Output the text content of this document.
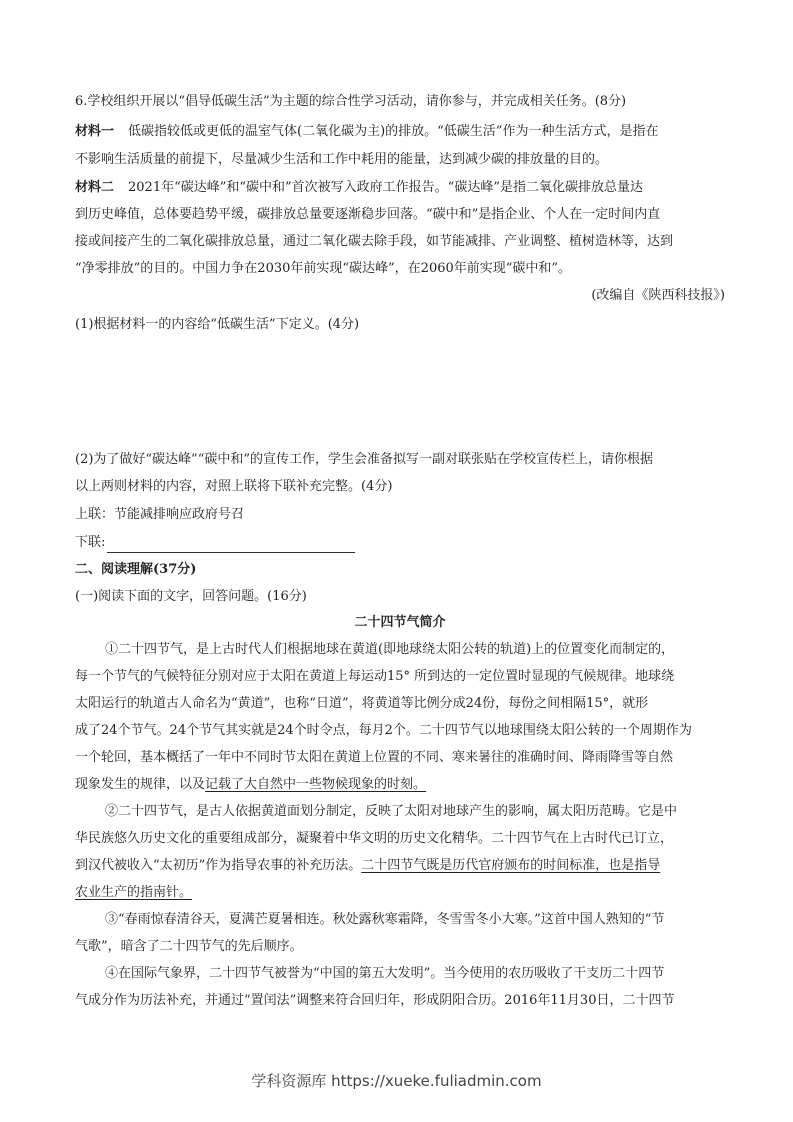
6.学校组织开展以“倡导低碳生活”为主题的综合性学习活动，请你参与，并完成相关任务。(8分)
材料一 低碳指较低或更低的温室气体(二氧化碳为主)的排放。“低碳生活”作为一种生活方式，是指在
不影响生活质量的前提下，尽量减少生活和工作中耗用的能量，达到减少碳的排放量的目的。
材料二 2021年“碳达峰”和“碳中和”首次被写入政府工作报告。“碳达峰”是指二氧化碳排放总量达
到历史峰值，总体要趋势平缓，碳排放总量要逐渐稳步回落。“碳中和”是指企业、个人在一定时间内直
接或间接产生的二氧化碳排放总量，通过二氧化碳去除手段，如节能减排、产业调整、植树造林等，达到
“净零排放”的目的。中国力争在2030年前实现“碳达峰”，在2060年前实现“碳中和”。
(改编自《陕西科技报》)
(1)根据材料一的内容给“低碳生活”下定义。(4分)
(2)为了做好“碳达峰”“碳中和”的宣传工作，学生会准备拟写一副对联张贴在学校宣传栏上，请你根据
以上两则材料的内容，对照上联将下联补充完整。(4分)
上联：节能减排响应政府号召
下联:
二、阅读理解(37分)
(一)阅读下面的文字，回答问题。(16分)
二十四节气简介
①二十四节气，是上古时代人们根据地球在黄道(即地球绕太阳公转的轨道)上的位置变化而制定的，
每一个节气的气候特征分别对应于太阳在黄道上每运动15° 所到达的一定位置时显现的气候规律。地球绕
太阳运行的轨道古人命名为“黄道”，也称“日道”，将黄道等比例分成24份，每份之间相隔15°，就形
成了24个节气。24个节气其实就是24个时令点，每月2个。二十四节气以地球围绕太阳公转的一个周期作为
一个轮回，基本概括了一年中不同时节太阳在黄道上位置的不同、寒来暑往的准确时间、降雨降雪等自然
现象发生的规律，以及记载了大自然中一些物候现象的时刻。
②二十四节气，是古人依据黄道面划分制定，反映了太阳对地球产生的影响，属太阳历范畴。它是中
华民族悠久历史文化的重要组成部分，凝聚着中华文明的历史文化精华。二十四节气在上古时代已订立，
到汉代被收入“太初历”作为指导农事的补充历法。二十四节气既是历代官府颁布的时间标准，也是指导
农业生产的指南针。
③“春雨惊春清谷天，夏满芒夏暑相连。秋处露秋寒霜降，冬雪雪冬小大寒。”这首中国人熟知的“节
气歌”，暗含了二十四节气的先后顺序。
④在国际气象界，二十四节气被誉为“中国的第五大发明”。当今使用的农历吸收了干支历二十四节
气成分作为历法补充，并通过“置闰法”调整来符合回归年，形成阴阳合历。2016年11月30日，二十四节
学科资源库 https://xueke.fuliadmin.com
